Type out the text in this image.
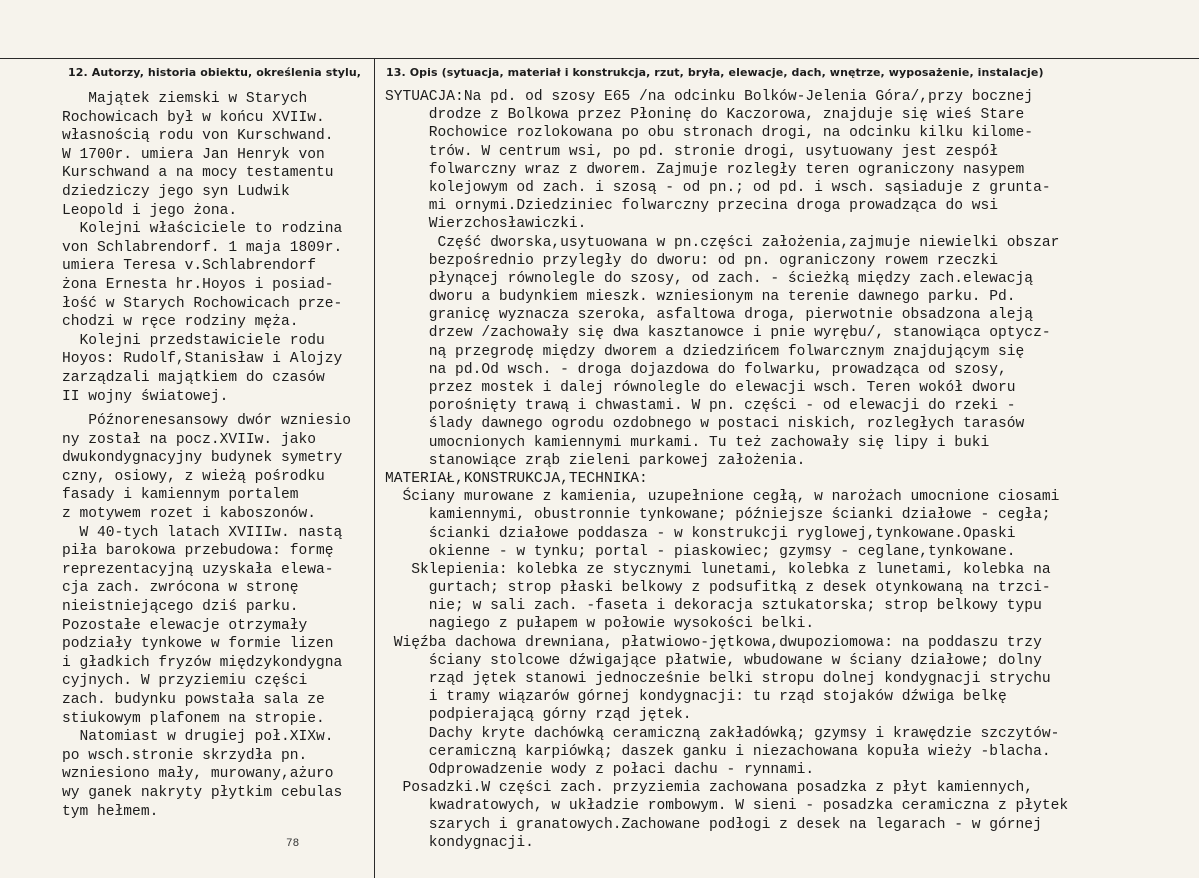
12. Autorzy, historia obiektu, określenia stylu, 13. Opis (sytuacja, materiał i konstrukcja, rzut, bryła, elewacje, dach, wnętrze, wyposażenie, instalacje)
Majątek ziemski w Starych
Rochowicach był w końcu XVIIw.
własnością rodu von Kurschwand.
W 1700r. umiera Jan Henryk von
Kurschwand a na mocy testamentu
dziedziczy jego syn Ludwik
Leopold i jego żona.
Kolejni właściciele to rodzina
von Schlabrendorf. 1 maja 1809r.
umiera Teresa v.Schlabrendorf
żona Ernesta hr.Hoyos i posiad-
łość w Starych Rochowicach prze-
chodzi w ręce rodziny męża.
Kolejni przedstawiciele rodu
Hoyos: Rudolf,Stanisław i Alojzy
zarządzali majątkiem do czasów
II wojny światowej.
Późnorenesansowy dwór wzniesio
ny został na pocz.XVIIw. jako
dwukondygnacyjny budynek symetry
czny, osiowy, z wieżą pośrodku
fasady i kamiennym portalem
z motywem rozet i kaboszonów.
W 40-tych latach XVIIIw. nastą
piła barokowa przebudowa: formę
reprezentacyjną uzyskała elewa-
cja zach. zwrócona w stronę
nieistniejącego dziś parku.
Pozostałe elewacje otrzymały
podziały tynkowe w formie lizen
i gładkich fryzów międzykondygna
cyjnych. W przyziemiu części
zach. budynku powstała sala ze
stiukowym plafonem na stropie.
Natomiast w drugiej poł.XIXw.
po wsch.stronie skrzydła pn.
wzniesiono mały, murowany,ażuro
wy ganek nakryty płytkim cebulas
tym hełmem.
SYTUACJA:Na pd. od szosy E65 /na odcinku Bolków-Jelenia Góra/,przy bocznej
drodze z Bolkowa przez Płoninę do Kaczorowa, znajduje się wieś Stare
Rochowice rozlokowana po obu stronach drogi, na odcinku kilku kilome-
trów. W centrum wsi, po pd. stronie drogi, usytuowany jest zespół
folwarczny wraz z dworem. Zajmuje rozległy teren ograniczony nasypem
kolejowym od zach. i szosą - od pn.; od pd. i wsch. sąsiaduje z grunta-
mi ornymi.Dziedziniec folwarczny przecina droga prowadząca do wsi
Wierzchosławiczki.
Część dworska,usytuowana w pn.części założenia,zajmuje niewielki obszar
bezpośrednio przyległy do dworu: od pn. ograniczony rowem rzeczki
płynącej równolegle do szosy, od zach. - ścieżką między zach.elewacją
dworu a budynkiem mieszk. wzniesionym na terenie dawnego parku. Pd.
granicę wyznacza szeroka, asfaltowa droga, pierwotnie obsadzona aleją
drzew /zachowały się dwa kasztanowce i pnie wyrębu/, stanowiąca optycz-
ną przegrodę między dworem a dziedzińcem folwarcznym znajdującym się
na pd.Od wsch. - droga dojazdowa do folwarku, prowadząca od szosy,
przez mostek i dalej równolegle do elewacji wsch. Teren wokół dworu
porośnięty trawą i chwastami. W pn. części - od elewacji do rzeki -
ślady dawnego ogrodu ozdobnego w postaci niskich, rozległych tarasów
umocnionych kamiennymi murkami. Tu też zachowały się lipy i buki
stanowiące zrąb zieleni parkowej założenia.
MATERIAŁ,KONSTRUKCJA,TECHNIKA:
Ściany murowane z kamienia, uzupełnione cegłą, w narożach umocnione ciosami
kamiennymi, obustronnie tynkowane; późniejsze ścianki działowe - cegła;
ścianki działowe poddasza - w konstrukcji ryglowej,tynkowane.Opaski
okienne - w tynku; portal - piaskowiec; gzymsy - ceglane,tynkowane.
Sklepienia: kolebka ze stycznymi lunetami, kolebka z lunetami, kolebka na
gurtach; strop płaski belkowy z podsufitką z desek otynkowaną na trzci-
nie; w sali zach. -faseta i dekoracja sztukatorska; strop belkowy typu
nagiego z pułapem w połowie wysokości belki.
Więźba dachowa drewniana, płatwiowo-jętkowa,dwupoziomowa: na poddaszu trzy
ściany stolcowe dźwigające płatwie, wbudowane w ściany działowe; dolny
rząd jętek stanowi jednocześnie belki stropu dolnej kondygnacji strychu
i tramy wiązarów górnej kondygnacji: tu rząd stojaków dźwiga belkę
podpierającą górny rząd jętek.
Dachy kryte dachówką ceramiczną zakładówką; gzymsy i krawędzie szczytów-
ceramiczną karpiówką; daszek ganku i niezachowana kopuła wieży -blacha.
Odprowadzenie wody z połaci dachu - rynnami.
Posadzki.W części zach. przyziemia zachowana posadzka z płyt kamiennych,
kwadratowych, w układzie rombowym. W sieni - posadzka ceramiczna z płytek
szarych i granatowych.Zachowane podłogi z desek na legarach - w górnej
kondygnacji.
78
